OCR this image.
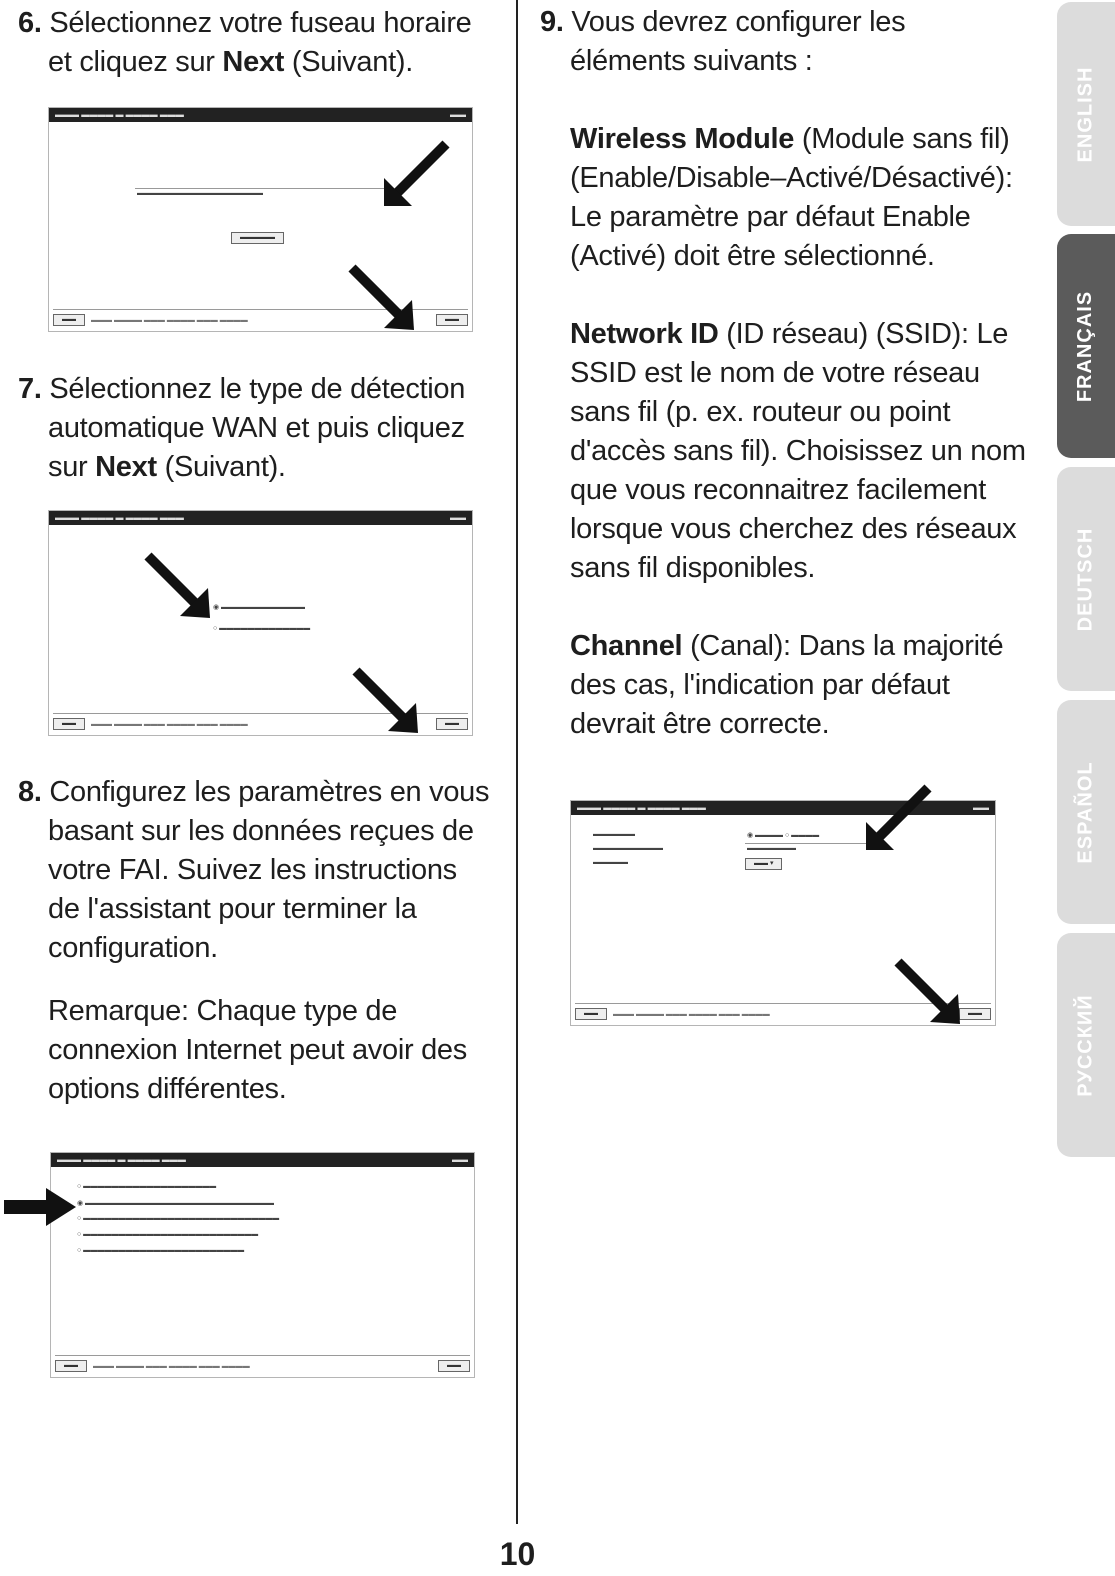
6. Sélectionnez votre fuseau horaire

et cliquez sur Next (Suivant).

▬▬▬ ▬▬▬▬ ▬ ▬▬▬▬ ▬▬▬	▬▬
▬▬▬▬▬▬▬▬▬▬▬▬▬▬▬▬▬▬
▬▬▬▬▬
▬▬	▬▬▬ ▬▬▬▬ ▬▬▬ ▬▬▬▬ ▬▬▬ ▬▬▬▬	▬▬

7. Sélectionnez le type de détection

automatique WAN et puis cliquez

sur Next (Suivant).

▬▬▬ ▬▬▬▬ ▬ ▬▬▬▬ ▬▬▬	▬▬
◉ ▬▬▬▬▬▬▬▬▬▬▬▬
○ ▬▬▬▬▬▬▬▬▬▬▬▬▬
▬▬	▬▬▬ ▬▬▬▬ ▬▬▬ ▬▬▬▬ ▬▬▬ ▬▬▬▬	▬▬

8. Configurez les paramètres en vous

basant sur les données reçues de

votre FAI. Suivez les instructions

de l'assistant pour terminer la

configuration.

Remarque: Chaque type de

connexion Internet peut avoir des

options différentes.

▬▬▬ ▬▬▬▬ ▬ ▬▬▬▬ ▬▬▬	▬▬
○ ▬▬▬▬▬▬▬▬▬▬▬▬▬▬▬▬▬▬▬
◉ ▬▬▬▬▬▬▬▬▬▬▬▬▬▬▬▬▬▬▬▬▬▬▬▬▬▬▬
○ ▬▬▬▬▬▬▬▬▬▬▬▬▬▬▬▬▬▬▬▬▬▬▬▬▬▬▬▬
○ ▬▬▬▬▬▬▬▬▬▬▬▬▬▬▬▬▬▬▬▬▬▬▬▬▬
○ ▬▬▬▬▬▬▬▬▬▬▬▬▬▬▬▬▬▬▬▬▬▬▬
▬▬	▬▬▬ ▬▬▬▬ ▬▬▬ ▬▬▬▬ ▬▬▬ ▬▬▬▬	▬▬

9. Vous devrez configurer les

éléments suivants :

Wireless Module (Module sans fil) (Enable/Disable–Activé/Désactivé): Le paramètre par défaut Enable (Activé) doit être sélectionné.

Network ID (ID réseau) (SSID): Le SSID est le nom de votre réseau sans fil (p. ex. routeur ou point d'accès sans fil). Choisissez un nom que vous reconnaitrez facilement lorsque vous cherchez des réseaux sans fil disponibles.

Channel (Canal): Dans la majorité des cas, l'indication par défaut devrait être correcte.

▬▬▬ ▬▬▬▬ ▬ ▬▬▬▬ ▬▬▬	▬▬
▬▬▬▬▬▬
▬▬▬▬▬▬▬▬▬▬
▬▬▬▬▬
◉ ▬▬▬▬ ○ ▬▬▬▬
▬▬▬▬▬▬▬
▬▬ ▾
▬▬	▬▬▬ ▬▬▬▬ ▬▬▬ ▬▬▬▬ ▬▬▬ ▬▬▬▬	▬▬
ENGLISH
FRANÇAIS
DEUTSCH
ESPAÑOL
РУССКИЙ
10
